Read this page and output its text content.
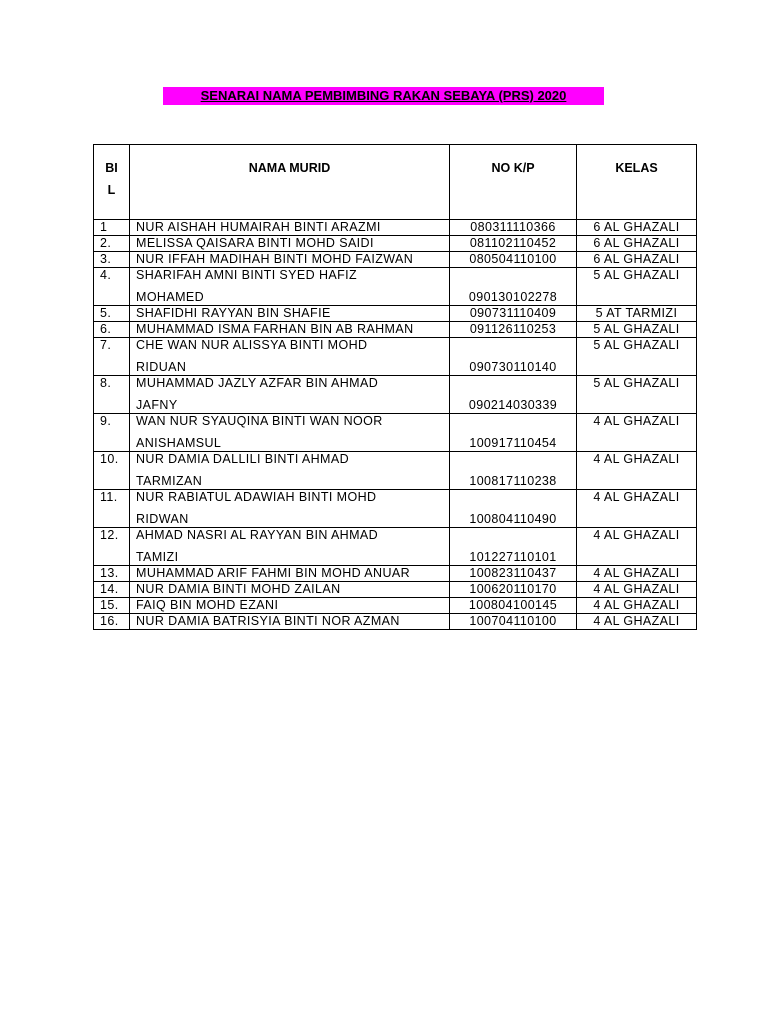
SENARAI NAMA PEMBIMBING RAKAN SEBAYA (PRS) 2020
BI
L	NAMA MURID	NO K/P	KELAS
1	NUR AISHAH HUMAIRAH BINTI ARAZMI	080311110366	6 AL GHAZALI
2.	MELISSA QAISARA BINTI MOHD SAIDI	081102110452	6 AL GHAZALI
3.	NUR IFFAH MADIHAH BINTI MOHD FAIZWAN	080504110100	6 AL GHAZALI
4.	SHARIFAH AMNI BINTI SYED HAFIZ
MOHAMED	090130102278	5 AL GHAZALI
5.	SHAFIDHI RAYYAN BIN SHAFIE	090731110409	5 AT TARMIZI
6.	MUHAMMAD ISMA FARHAN BIN AB RAHMAN	091126110253	5 AL GHAZALI
7.	CHE WAN NUR ALISSYA BINTI MOHD
RIDUAN	090730110140	5 AL GHAZALI
8.	MUHAMMAD JAZLY AZFAR BIN AHMAD
JAFNY	090214030339	5 AL GHAZALI
9.	WAN NUR SYAUQINA BINTI WAN NOOR
ANISHAMSUL	100917110454	4 AL GHAZALI
10.	NUR DAMIA DALLILI BINTI AHMAD
TARMIZAN	100817110238	4 AL GHAZALI
11.	NUR RABIATUL ADAWIAH BINTI MOHD
RIDWAN	100804110490	4 AL GHAZALI
12.	AHMAD NASRI AL RAYYAN BIN AHMAD
TAMIZI	101227110101	4 AL GHAZALI
13.	MUHAMMAD ARIF FAHMI BIN MOHD ANUAR	100823110437	4 AL GHAZALI
14.	NUR DAMIA BINTI MOHD ZAILAN	100620110170	4 AL GHAZALI
15.	FAIQ BIN MOHD EZANI	100804100145	4 AL GHAZALI
16.	NUR DAMIA BATRISYIA BINTI NOR AZMAN	100704110100	4 AL GHAZALI
